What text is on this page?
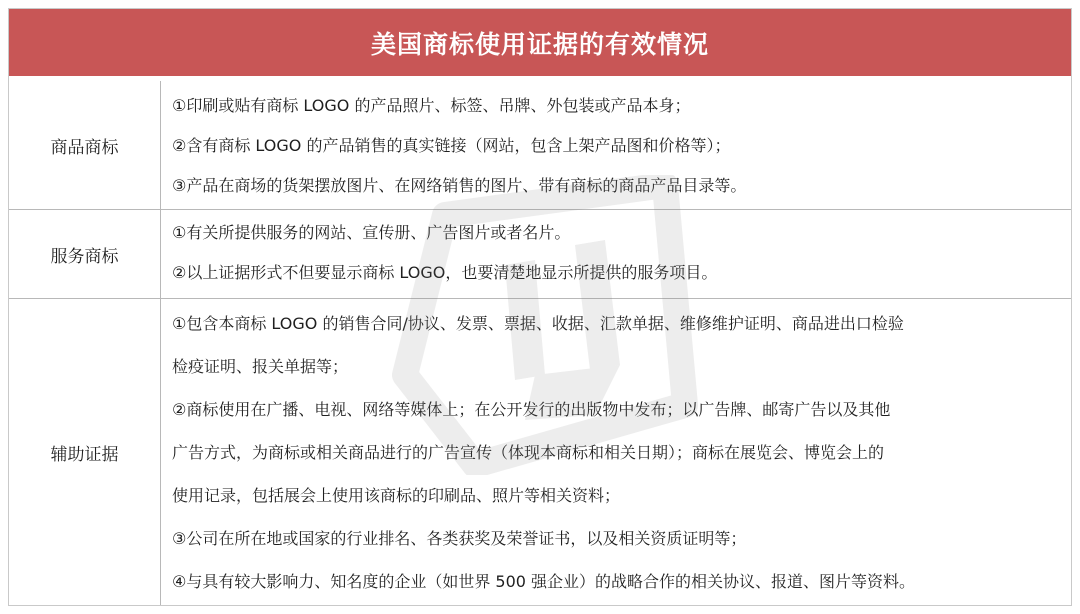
美国商标使用证据的有效情况
商品商标
①印刷或贴有商标 LOGO 的产品照片、标签、吊牌、外包装或产品本身；
②含有商标 LOGO 的产品销售的真实链接（网站，包含上架产品图和价格等）；
③产品在商场的货架摆放图片、在网络销售的图片、带有商标的商品产品目录等。
服务商标
①有关所提供服务的网站、宣传册、广告图片或者名片。
②以上证据形式不但要显示商标 LOGO，也要清楚地显示所提供的服务项目。
辅助证据
①包含本商标 LOGO 的销售合同/协议、发票、票据、收据、汇款单据、维修维护证明、商品进出口检验
检疫证明、报关单据等；
②商标使用在广播、电视、网络等媒体上；在公开发行的出版物中发布；以广告牌、邮寄广告以及其他
广告方式，为商标或相关商品进行的广告宣传（体现本商标和相关日期）；商标在展览会、博览会上的
使用记录，包括展会上使用该商标的印刷品、照片等相关资料；
③公司在所在地或国家的行业排名、各类获奖及荣誉证书，以及相关资质证明等；
④与具有较大影响力、知名度的企业（如世界 500 强企业）的战略合作的相关协议、报道、图片等资料。
